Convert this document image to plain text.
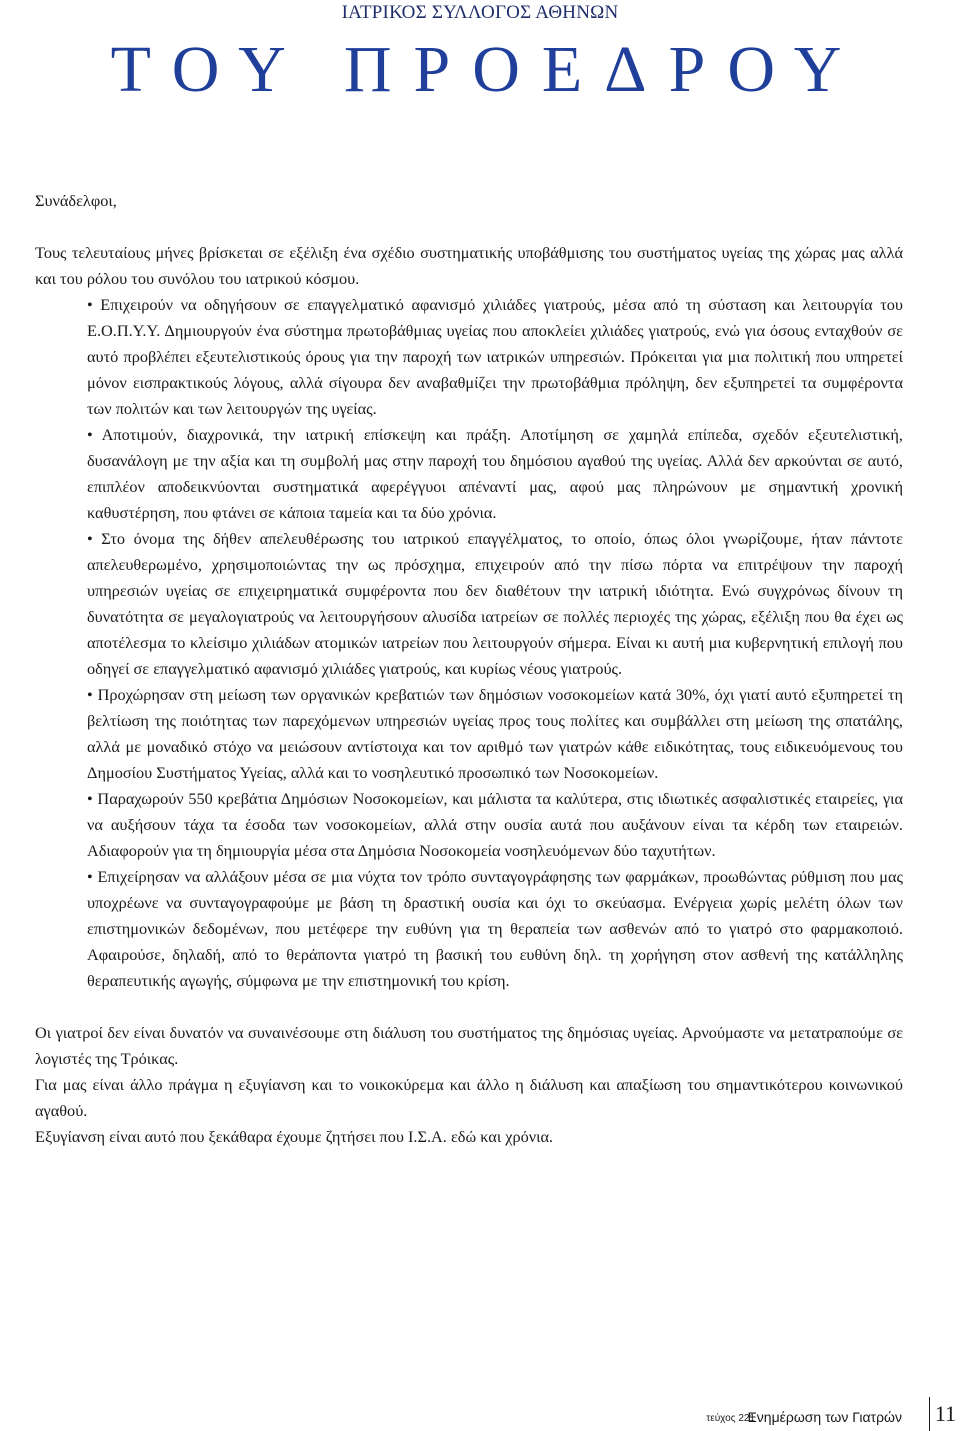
ΙΑΤΡΙΚΟΣ ΣΥΛΛΟΓΟΣ ΑΘΗΝΩΝ
ΤΟΥ ΠΡΟΕΔΡΟΥ

Συνάδελφοι,

Τους τελευταίους μήνες βρίσκεται σε εξέλιξη ένα σχέδιο συστηματικής υποβάθμισης του συστήματος υγείας της χώρας μας αλλά και του ρόλου του συνόλου του ιατρικού κόσμου.

• Επιχειρούν να οδηγήσουν σε επαγγελματικό αφανισμό χιλιάδες γιατρούς, μέσα από τη σύσταση και λειτουργία του Ε.Ο.Π.Υ.Υ. Δημιουργούν ένα σύστημα πρωτοβάθμιας υγείας που αποκλείει χιλιάδες γιατρούς, ενώ για όσους ενταχθούν σε αυτό προβλέπει εξευτελιστικούς όρους για την παροχή των ιατρικών υπηρεσιών. Πρόκειται για μια πολιτική που υπηρετεί μόνον εισπρακτικούς λόγους, αλλά σίγουρα δεν αναβαθμίζει την πρωτοβάθμια πρόληψη, δεν εξυπηρετεί τα συμφέροντα των πολιτών και των λειτουργών της υγείας.

• Αποτιμούν, διαχρονικά, την ιατρική επίσκεψη και πράξη. Αποτίμηση σε χαμηλά επίπεδα, σχεδόν εξευτελιστική, δυσανάλογη με την αξία και τη συμβολή μας στην παροχή του δημόσιου αγαθού της υγείας. Αλλά δεν αρκούνται σε αυτό, επιπλέον αποδεικνύονται συστηματικά αφερέγγυοι απέναντί μας, αφού μας πληρώνουν με σημαντική χρονική καθυστέρηση, που φτάνει σε κάποια ταμεία και τα δύο χρόνια.

• Στο όνομα της δήθεν απελευθέρωσης του ιατρικού επαγγέλματος, το οποίο, όπως όλοι γνωρίζουμε, ήταν πάντοτε απελευθερωμένο, χρησιμοποιώντας την ως πρόσχημα, επιχειρούν από την πίσω πόρτα να επιτρέψουν την παροχή υπηρεσιών υγείας σε επιχειρηματικά συμφέροντα που δεν διαθέτουν την ιατρική ιδιότητα. Ενώ συγχρόνως δίνουν τη δυνατότητα σε μεγαλογιατρούς να λειτουργήσουν αλυσίδα ιατρείων σε πολλές περιοχές της χώρας, εξέλιξη που θα έχει ως αποτέλεσμα το κλείσιμο χιλιάδων ατομικών ιατρείων που λειτουργούν σήμερα. Είναι κι αυτή μια κυβερνητική επιλογή που οδηγεί σε επαγγελματικό αφανισμό χιλιάδες γιατρούς, και κυρίως νέους γιατρούς.

• Προχώρησαν στη μείωση των οργανικών κρεβατιών των δημόσιων νοσοκομείων κατά 30%, όχι γιατί αυτό εξυπηρετεί τη βελτίωση της ποιότητας των παρεχόμενων υπηρεσιών υγείας προς τους πολίτες και συμβάλλει στη μείωση της σπατάλης, αλλά με μοναδικό στόχο να μειώσουν αντίστοιχα και τον αριθμό των γιατρών κάθε ειδικότητας, τους ειδικευόμενους του Δημοσίου Συστήματος Υγείας, αλλά και το νοσηλευτικό προσωπικό των Νοσοκομείων.

• Παραχωρούν 550 κρεβάτια Δημόσιων Νοσοκομείων, και μάλιστα τα καλύτερα, στις ιδιωτικές ασφαλιστικές εταιρείες, για να αυξήσουν τάχα τα έσοδα των νοσοκομείων, αλλά στην ουσία αυτά που αυξάνουν είναι τα κέρδη των εταιρειών. Αδιαφορούν για τη δημιουργία μέσα στα Δημόσια Νοσοκομεία νοσηλευόμενων δύο ταχυτήτων.

• Επιχείρησαν να αλλάξουν μέσα σε μια νύχτα τον τρόπο συνταγογράφησης των φαρμάκων, προωθώντας ρύθμιση που μας υποχρέωνε να συνταγογραφούμε με βάση τη δραστική ουσία και όχι το σκεύασμα. Ενέργεια χωρίς μελέτη όλων των επιστημονικών δεδομένων, που μετέφερε την ευθύνη για τη θεραπεία των ασθενών από το γιατρό στο φαρμακοποιό. Αφαιρούσε, δηλαδή, από το θεράποντα γιατρό τη βασική του ευθύνη δηλ. τη χορήγηση στον ασθενή της κατάλληλης θεραπευτικής αγωγής, σύμφωνα με την επιστημονική του κρίση.

Οι γιατροί δεν είναι δυνατόν να συναινέσουμε στη διάλυση του συστήματος της δημόσιας υγείας. Αρνούμαστε να μετατραπούμε σε λογιστές της Τρόικας.

Για μας είναι άλλο πράγμα η εξυγίανση και το νοικοκύρεμα και άλλο η διάλυση και απαξίωση του σημαντικότερου κοινωνικού αγαθού.

Εξυγίανση είναι αυτό που ξεκάθαρα έχουμε ζητήσει που Ι.Σ.Α. εδώ και χρόνια.

τεύχος 221
Ενημέρωση των Γιατρών 11
